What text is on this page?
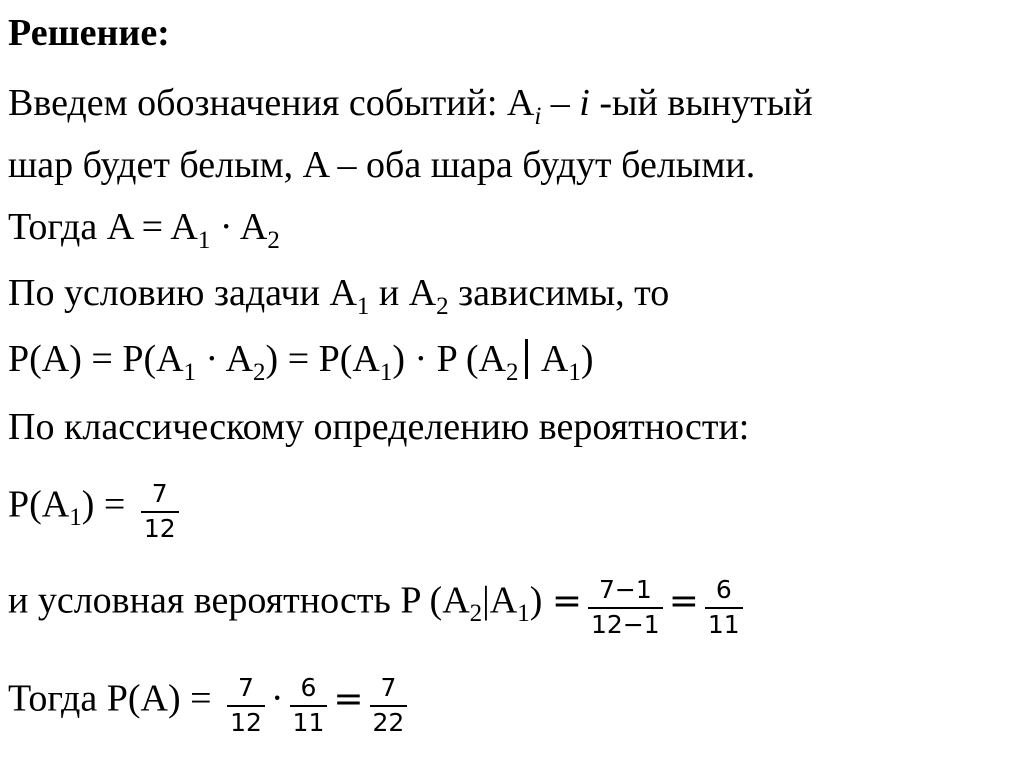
Решение:
Введем обозначения событий: $A_i$ – i -ый вынутый
шар будет белым, A – оба шара будут белыми.
Тогда $A = A_1 \cdot A_2$
По условию задачи $A_1$ и $A_2$ зависимы, то
$P(A) = P(A_1 \cdot A_2) = P(A_1) \cdot P$ ($A_2$ $A_1$)
По классическому определению вероятности:
$P(A_1) = \frac{7}{12}$
и условная вероятность P $(A_2|A_1) = \frac{7-1}{12-1} = \frac{6}{11}$
Тогда $P(A) = \frac{7}{12} \cdot \frac{6}{11} = \frac{7}{22}$
